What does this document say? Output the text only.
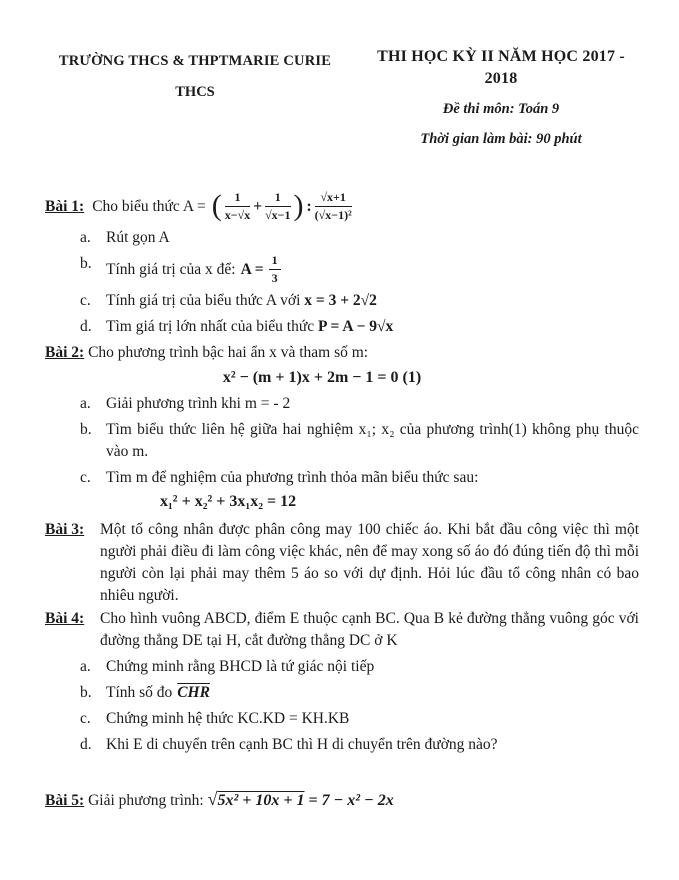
TRƯỜNG THCS & THPTMARIE CURIE
THCS
THI HỌC KỲ II NĂM HỌC 2017 - 2018
Đề thi môn: Toán 9
Thời gian làm bài: 90 phút
Bài 1: Cho biểu thức A = ( $\frac{1}{x-√x} + \frac{1}{√x-1}$ ) : $\frac{√x+1}{\text{(√x−1)²}}$
a. Rút gọn A
b. Tính giá trị của x để: $A = \frac{1}{3}$
c. Tính giá trị của biểu thức A với x = 3 + 2√2
d. Tìm giá trị lớn nhất của biểu thức P = A − 9√x
Bài 2: Cho phương trình bậc hai ẩn x và tham số m:
x² − (m + 1)x + 2m − 1 = 0 (1)
a. Giải phương trình khi m = - 2
b. Tìm biểu thức liên hệ giữa hai nghiệm x₁; x₂ của phương trình(1) không phụ thuộc vào m.
c. Tìm m để nghiệm của phương trình thỏa mãn biểu thức sau:
x₁² + x₂² + 3x₁x₂ = 12
Bài 3:	Một tổ công nhân được phân công may 100 chiếc áo. Khi bắt đầu công việc thì một người phải điều đi làm công việc khác, nên để may xong số áo đó đúng tiến độ thì mỗi người còn lại phải may thêm 5 áo so với dự định. Hỏi lúc đầu tổ công nhân có bao nhiêu người.
Bài 4:	Cho hình vuông ABCD, điểm E thuộc cạnh BC. Qua B kẻ đường thẳng vuông góc với đường thẳng DE tại H, cắt đường thẳng DC ở K
a. Chứng minh rằng BHCD là tứ giác nội tiếp
b. Tính số đo $\overline{CHR}$
c. Chứng minh hệ thức KC.KD = KH.KB
d. Khi E di chuyển trên cạnh BC thì H di chuyển trên đường nào?
Bài 5: Giải phương trình: √5x² + 10x + 1 = 7 − x² − 2x
